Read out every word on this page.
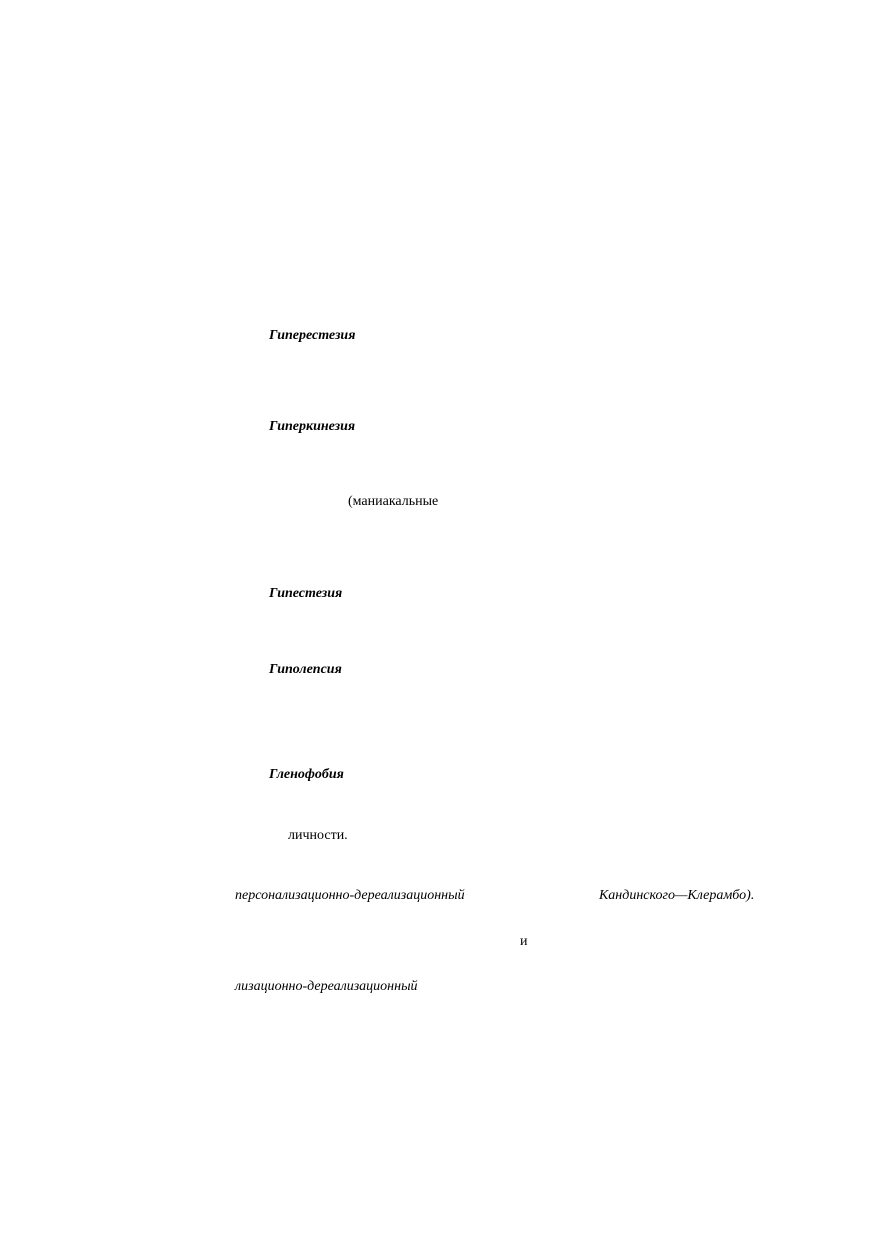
Гиперестезия
Гиперкинезия
(маниакальные
Гипестезия
Гиполепсия
Гленофобия
личности.
персонализационно-дереализационный	Кандинского—Клерамбо).
и
лизационно-дереализационный
